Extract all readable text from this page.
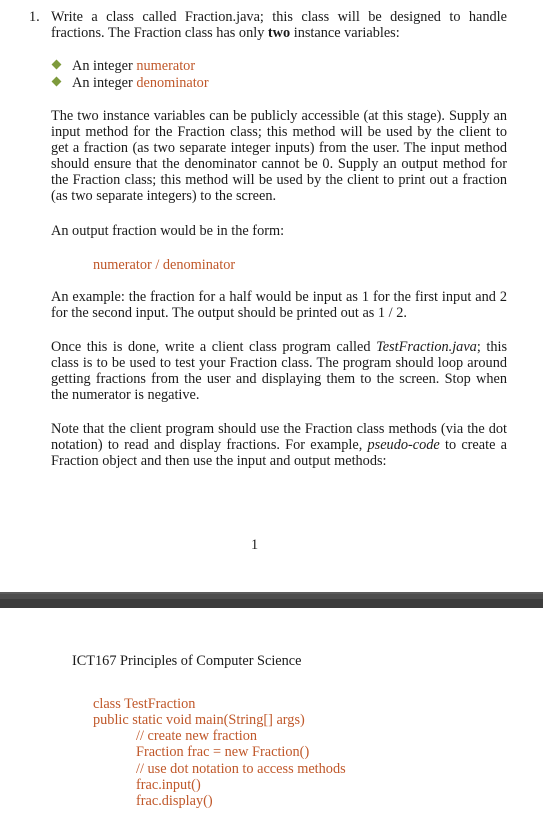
1. Write a class called Fraction.java; this class will be designed to handle fractions. The Fraction class has only two instance variables:
An integer numerator
An integer denominator

The two instance variables can be publicly accessible (at this stage). Supply an input method for the Fraction class; this method will be used by the client to get a fraction (as two separate integer inputs) from the user. The input method should ensure that the denominator cannot be 0. Supply an output method for the Fraction class; this method will be used by the client to print out a fraction (as two separate integers) to the screen.

An output fraction would be in the form:

numerator / denominator

An example: the fraction for a half would be input as 1 for the first input and 2 for the second input. The output should be printed out as 1 / 2.

Once this is done, write a client class program called TestFraction.java; this class is to be used to test your Fraction class. The program should loop around getting fractions from the user and displaying them to the screen. Stop when the numerator is negative.

Note that the client program should use the Fraction class methods (via the dot notation) to read and display fractions. For example, pseudo-code to create a Fraction object and then use the input and output methods:

1
ICT167 Principles of Computer Science

class TestFraction

public static void main(String[] args)

// create new fraction

Fraction frac = new Fraction()

// use dot notation to access methods

frac.input()

frac.display()
